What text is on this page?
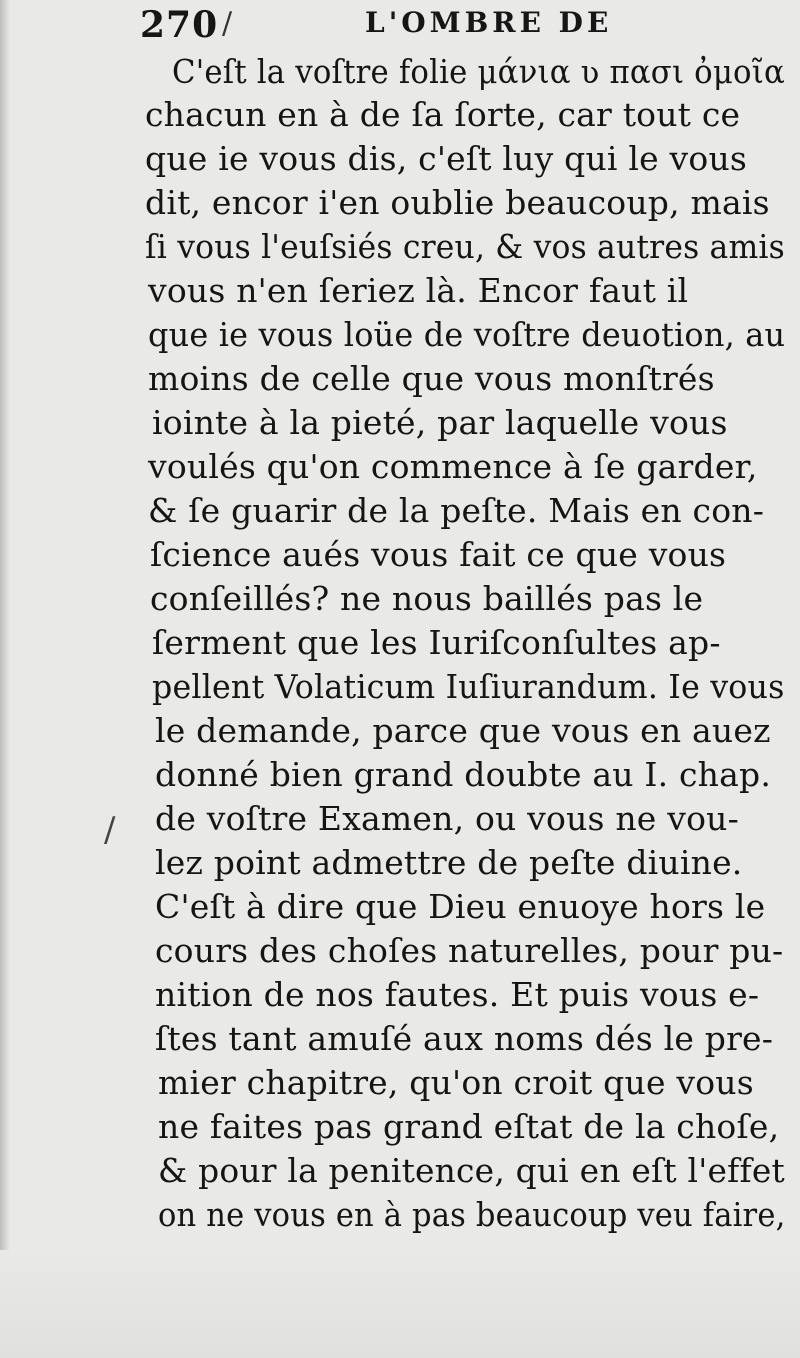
270 /	L'OMBRE DE
/
C'eſt la voſtre folie μάνια ʋ πασι ὀμοῖα
chacun en à de ſa ſorte, car tout ce
que ie vous dis, c'eſt luy qui le vous
dit, encor i'en oublie beaucoup, mais
ſi vous l'euſsiés creu, & vos autres amis
vous n'en ſeriez là. Encor faut il
que ie vous loüe de voſtre deuotion, au
moins de celle que vous monſtrés
iointe à la pieté, par laquelle vous
voulés qu'on commence à ſe garder,
& ſe guarir de la peſte. Mais en con-
ſcience aués vous fait ce que vous
conſeillés? ne nous baillés pas le
ſerment que les Iuriſconſultes ap-
pellent Volaticum Iuſiurandum. Ie vous
le demande, parce que vous en auez
donné bien grand doubte au I. chap.
de voſtre Examen, ou vous ne vou-
lez point admettre de peſte diuine.
C'eſt à dire que Dieu enuoye hors le
cours des choſes naturelles, pour pu-
nition de nos fautes. Et puis vous e-
ſtes tant amuſé aux noms dés le pre-
mier chapitre, qu'on croit que vous
ne faites pas grand eſtat de la choſe,
& pour la penitence, qui en eſt l'effet
on ne vous en à pas beaucoup veu faire,
